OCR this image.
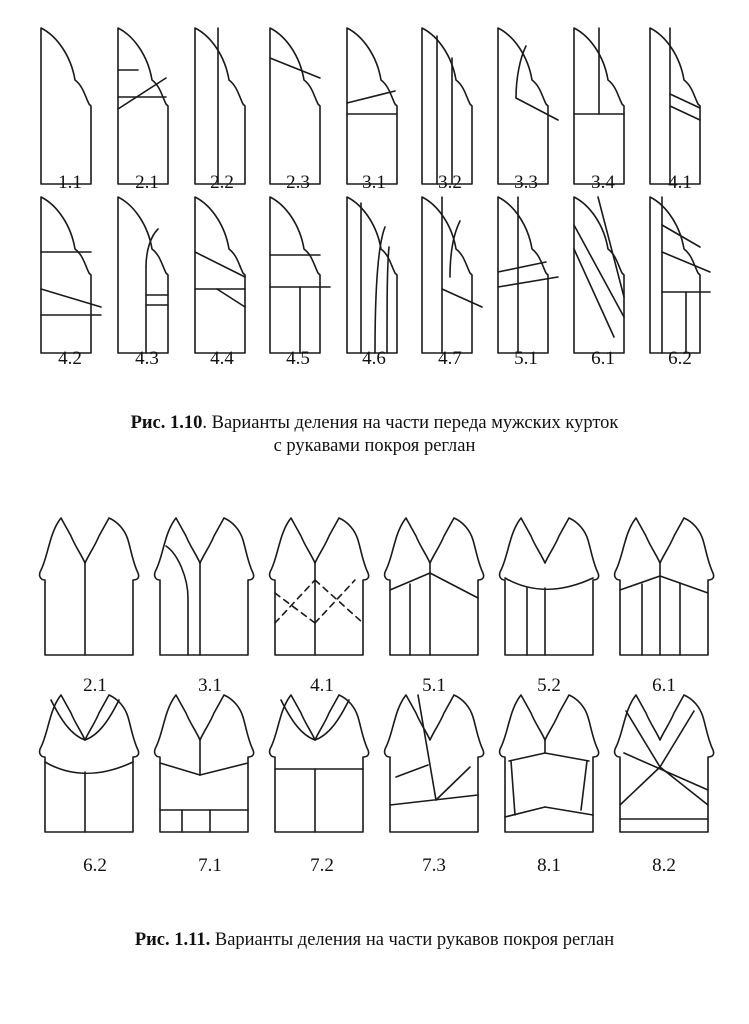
1.1	2.1	2.2	2.3	3.1	3.2	3.3	3.4	4.1
4.2	4.3	4.4	4.5	4.6	4.7	5.1	6.1	6.2
2.1	3.1	4.1	5.1	5.2	6.1
6.2	7.1	7.2	7.3	8.1	8.2
Рис. 1.10. Варианты деления на части переда мужских курток
с рукавами покроя реглан
Рис. 1.11. Варианты деления на части рукавов покроя реглан
